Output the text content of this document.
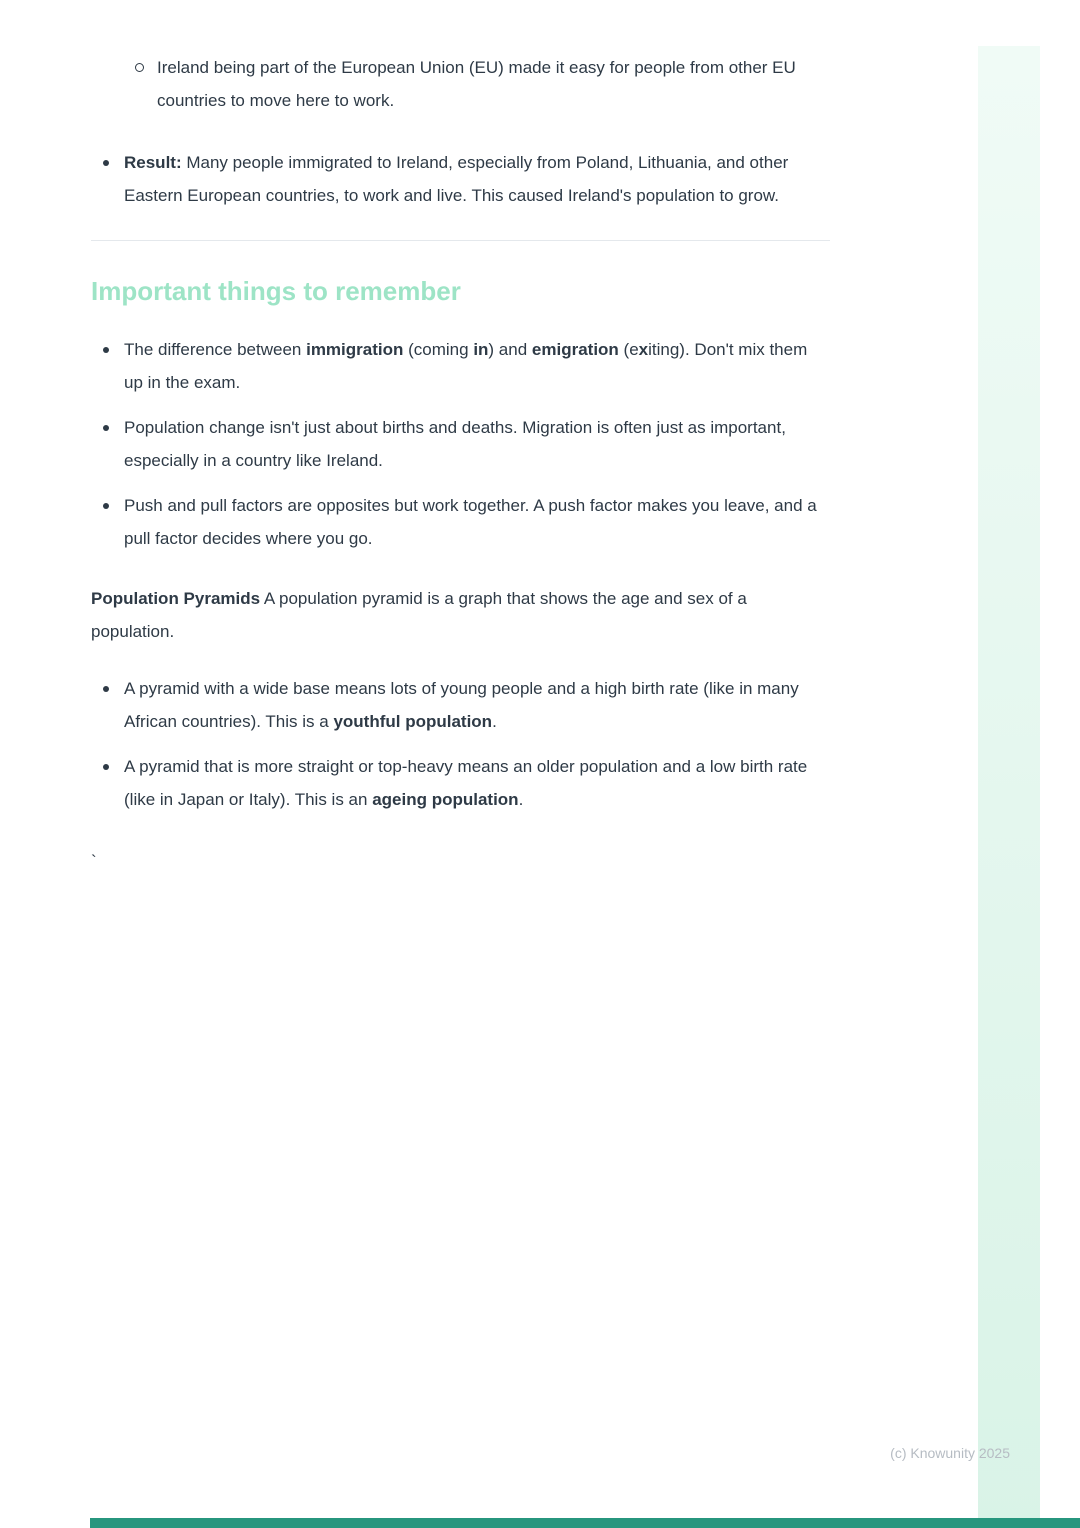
Ireland being part of the European Union (EU) made it easy for people from other EU countries to move here to work.
Result: Many people immigrated to Ireland, especially from Poland, Lithuania, and other Eastern European countries, to work and live. This caused Ireland's population to grow.
Important things to remember
The difference between immigration (coming in) and emigration (exiting). Don't mix them up in the exam.
Population change isn't just about births and deaths. Migration is often just as important, especially in a country like Ireland.
Push and pull factors are opposites but work together. A push factor makes you leave, and a pull factor decides where you go.

Population Pyramids A population pyramid is a graph that shows the age and sex of a population.

A pyramid with a wide base means lots of young people and a high birth rate (like in many African countries). This is a youthful population.
A pyramid that is more straight or top-heavy means an older population and a low birth rate (like in Japan or Italy). This is an ageing population.

`

(c) Knowunity 2025
